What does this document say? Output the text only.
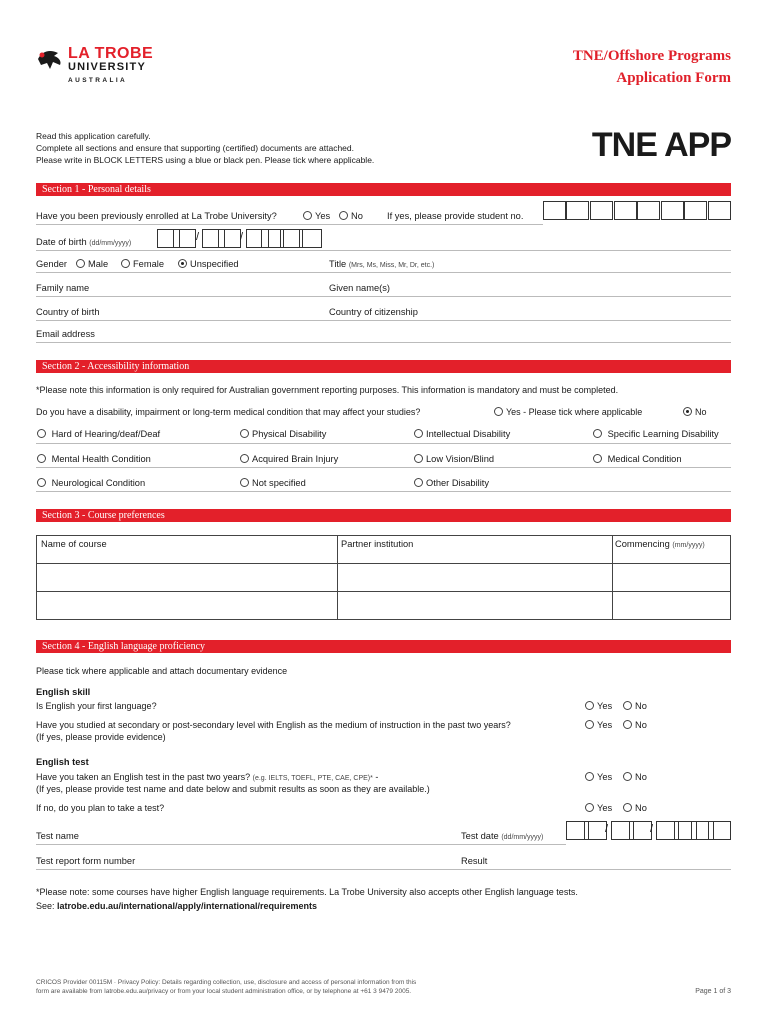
LA TROBE
UNIVERSITY
AUSTRALIA
TNE/Offshore Programs
Application Form
TNE APP
Read this application carefully.
Complete all sections and ensure that supporting (certified) documents are attached.
Please write in BLOCK LETTERS using a blue or black pen. Please tick where applicable.
Section 1 - Personal details
Have you been previously enrolled at La Trobe University?	Yes	No	If yes, please provide student no.
Date of birth (dd/mm/yyyy)
/	/
Gender	Male	Female	Unspecified	Title (Mrs, Ms, Miss, Mr, Dr, etc.)
Family name	Given name(s)
Country of birth	Country of citizenship
Email address
Section 2 - Accessibility information
*Please note this information is only required for Australian government reporting purposes. This information is mandatory and must be completed.
Do you have a disability, impairment or long-term medical condition that may affect your studies?	Yes - Please tick where applicable	No
Hard of Hearing/deaf/Deaf	Physical Disability	Intellectual Disability	Specific Learning Disability
Mental Health Condition	Acquired Brain Injury	Low Vision/Blind	Medical Condition
Neurological Condition	Not specified	Other Disability
Section 3 - Course preferences
Name of course	Partner institution	Commencing (mm/yyyy)
Section 4 - English language proficiency
Please tick where applicable and attach documentary evidence
English skill
Is English your first language?	Yes	No
Have you studied at secondary or post-secondary level with English as the medium of instruction in the past two years?
(If yes, please provide evidence)
Yes	No
English test
Have you taken an English test in the past two years? (e.g. IELTS, TOEFL, PTE, CAE, CPE)* -
(If yes, please provide test name and date below and submit results as soon as they are available.)
Yes	No
If no, do you plan to take a test?	Yes	No
Test name	Test date (dd/mm/yyyy)
/	/
Test report form number	Result
*Please note: some courses have higher English language requirements. La Trobe University also accepts other English language tests.
See: latrobe.edu.au/international/apply/international/requirements
CRICOS Provider 00115M · Privacy Policy: Details regarding collection, use, disclosure and access of personal information from this
form are available from latrobe.edu.au/privacy or from your local student administration office, or by telephone at +61 3 9479 2005.	Page 1 of 3
